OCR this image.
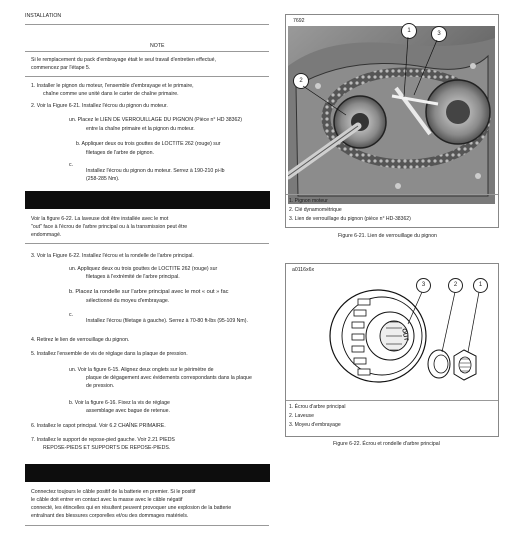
INSTALLATION
NOTE
Si le remplacement du pack d'embrayage était le seul travail d'entretien effectué,
commencez par l'étape 5.
1. Installer le pignon du moteur, l'ensemble d'embrayage et le primaire,
chaîne comme une unité dans le carter de chaîne primaire.
2. Voir la Figure 6-21. Installez l'écrou du pignon du moteur.
un. Placez le LIEN DE VERROUILLAGE DU PIGNON (Pièce n° HD 38362)
entre la chaîne primaire et la pignon du moteur.
b. Appliquer deux ou trois gouttes de LOCTITE 262 (rouge) sur
filetages de l'arbre de pignon.
c.
Installez l'écrou du pignon du moteur. Serrez à 190-210 pi-lb
(258-285 Nm).
Voir la figure 6-22. La laveuse doit être installée avec le mot
"out" face à l'écrou de l'arbre principal ou à la transmission peut être
endommagé.
3. Voir la Figure 6-22. Installez l'écrou et la rondelle de l'arbre principal.
un. Appliquez deux ou trois gouttes de LOCTITE 262 (rouge) sur
filetages à l'extrémité de l'arbre principal.
b. Placez la rondelle sur l'arbre principal avec le mot « out » fac
sélectionné du moyeu d'embrayage.
c.
Installez l'écrou (filetage à gauche). Serrez à 70-80 ft-lbs (95-109 Nm).
4. Retirez le lien de verrouillage du pignon.
5. Installez l'ensemble de vis de réglage dans la plaque de pression.
un. Voir la figure 6-15. Alignez deux onglets sur le périmètre de
plaque de dégagement avec évidements correspondants dans la plaque
de pression.
b. Voir la figure 6-16. Fixez la vis de réglage
assemblage avec bague de retenue.
6. Installez le capot principal. Voir 6.2 CHAÎNE PRIMAIRE.
7. Installez le support de repose-pied gauche. Voir 2.21 PIEDS
REPOSE-PIEDS ET SUPPORTS DE REPOSE-PIEDS.
Connectez toujours le câble positif de la batterie en premier. Si le positif
le câble doit entrer en contact avec la masse avec le câble négatif
connecté, les étincelles qui en résultent peuvent provoquer une explosion de la batterie
entraînant des blessures corporelles et/ou des dommages matériels.
7692
1
2
3
1. Pignon moteur
2. Clé dynamométrique
3. Lien de verrouillage du pignon (pièce n° HD-38362)
Figure 6-21. Lien de verrouillage du pignon
a0116x6x
OUT
3	2	1
1. Écrou d'arbre principal
2. Laveuse
3. Moyeu d'embrayage
Figure 6-22. Écrou et rondelle d'arbre principal
